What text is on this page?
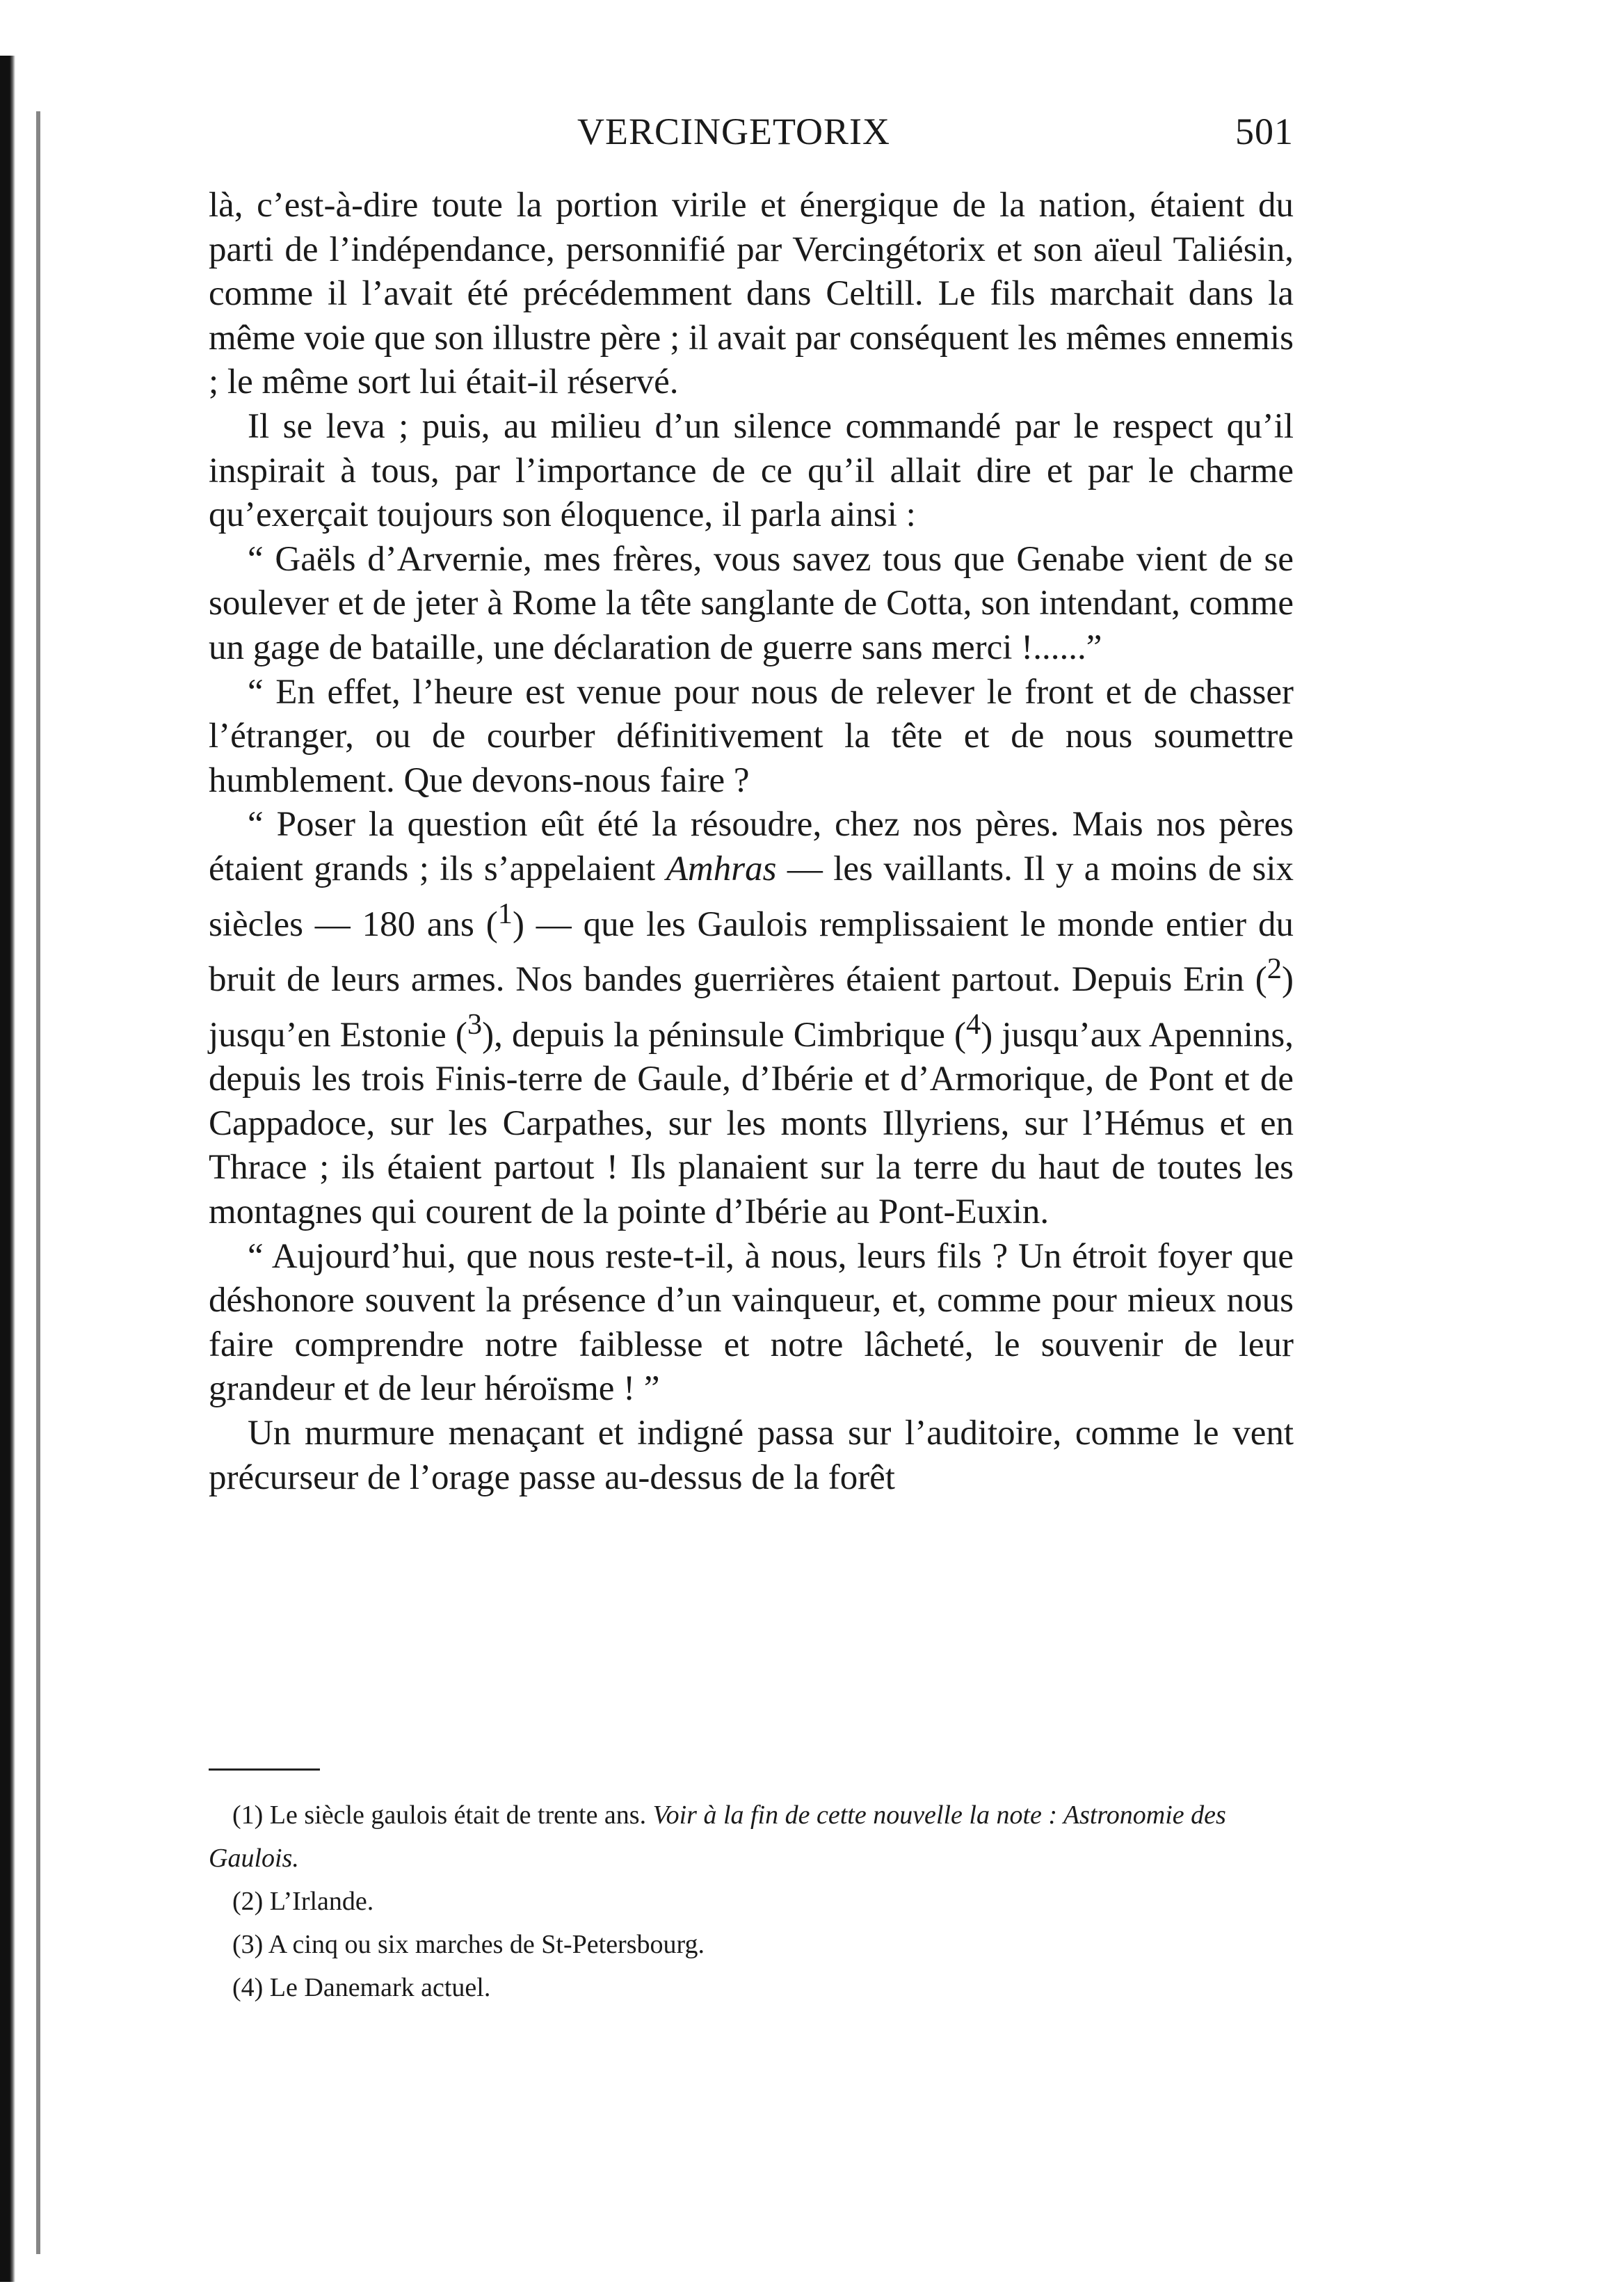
VERCINGETORIX	501

là, c’est-à-dire toute la portion virile et énergique de la nation, étaient du parti de l’indépendance, personnifié par Vercingétorix et son aïeul Taliésin, comme il l’avait été précédemment dans Celtill. Le fils marchait dans la même voie que son illustre père ; il avait par conséquent les mêmes ennemis ; le même sort lui était-il réservé.

Il se leva ; puis, au milieu d’un silence commandé par le respect qu’il inspirait à tous, par l’importance de ce qu’il allait dire et par le charme qu’exerçait toujours son éloquence, il parla ainsi :

“ Gaëls d’Arvernie, mes frères, vous savez tous que Genabe vient de se soulever et de jeter à Rome la tête sanglante de Cotta, son intendant, comme un gage de bataille, une déclaration de guerre sans merci !......”

“ En effet, l’heure est venue pour nous de relever le front et de chasser l’étranger, ou de courber définitivement la tête et de nous soumettre humblement. Que devons-nous faire ?

“ Poser la question eût été la résoudre, chez nos pères. Mais nos pères étaient grands ; ils s’appelaient Amhras — les vaillants. Il y a moins de six siècles — 180 ans ($^1$) — que les Gaulois remplissaient le monde entier du bruit de leurs armes. Nos bandes guerrières étaient partout. Depuis Erin ($^2$) jusqu’en Estonie ($^3$), depuis la péninsule Cimbrique ($^4$) jusqu’aux Apennins, depuis les trois Finis-terre de Gaule, d’Ibérie et d’Armorique, de Pont et de Cappadoce, sur les Carpathes, sur les monts Illyriens, sur l’Hémus et en Thrace ; ils étaient partout ! Ils planaient sur la terre du haut de toutes les montagnes qui courent de la pointe d’Ibérie au Pont-Euxin.

“ Aujourd’hui, que nous reste-t-il, à nous, leurs fils ? Un étroit foyer que déshonore souvent la présence d’un vainqueur, et, comme pour mieux nous faire comprendre notre faiblesse et notre lâcheté, le souvenir de leur grandeur et de leur héroïsme ! ”

Un murmure menaçant et indigné passa sur l’auditoire, comme le vent précurseur de l’orage passe au-dessus de la forêt

(1) Le siècle gaulois était de trente ans. Voir à la fin de cette nouvelle la note : Astronomie des Gaulois.

(2) L’Irlande.

(3) A cinq ou six marches de St-Petersbourg.

(4) Le Danemark actuel.
